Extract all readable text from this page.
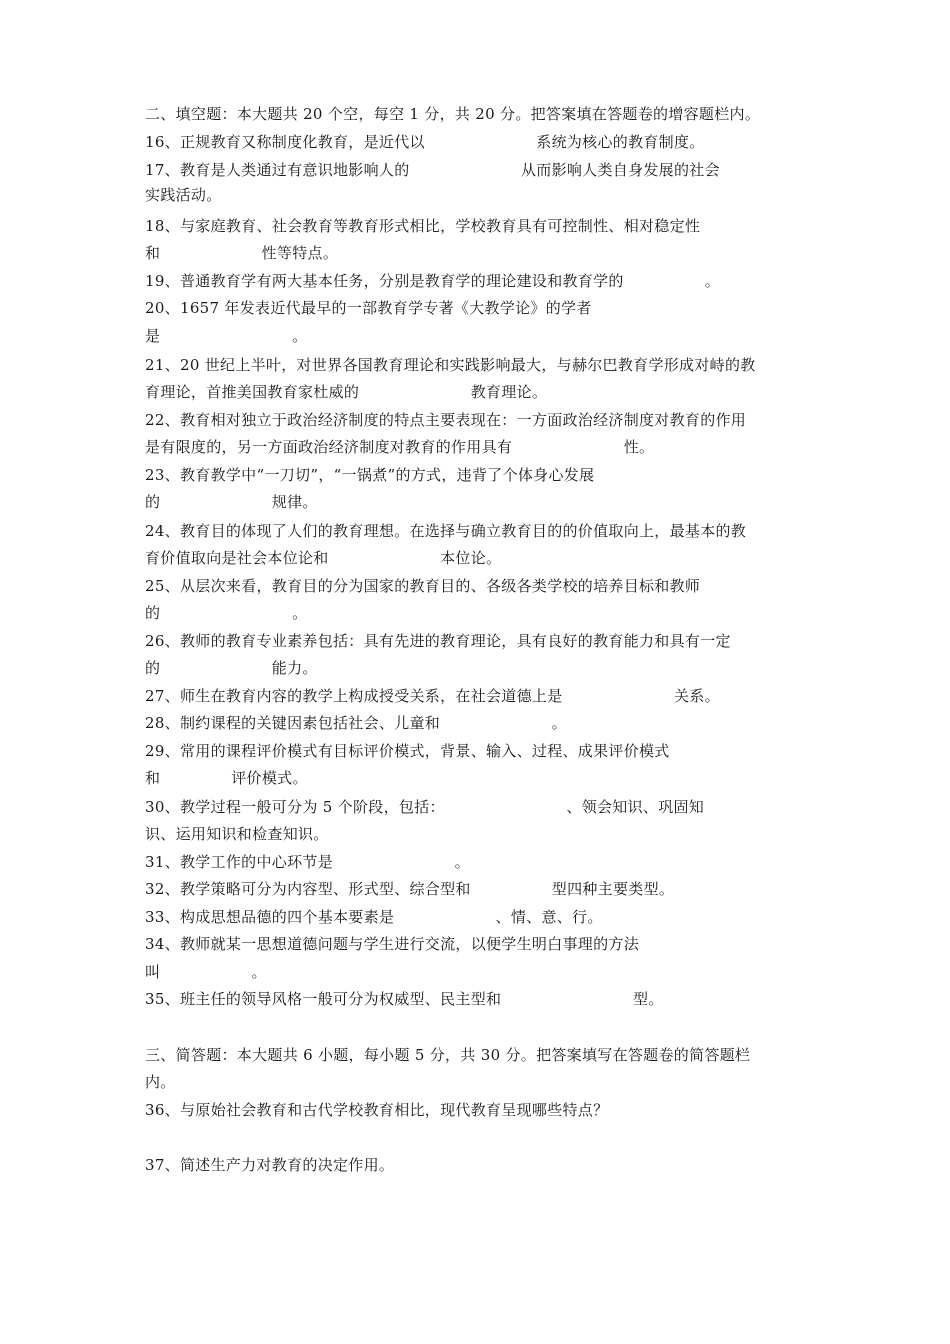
二、填空题：本大题共 20 个空，每空 1 分，共 20 分。把答案填在答题卷的增容题栏内。
16、正规教育又称制度化教育，是近代以                      系统为核心的教育制度。
17、教育是人类通过有意识地影响人的                      从而影响人类自身发展的社会
实践活动。
18、与家庭教育、社会教育等教育形式相比，学校教育具有可控制性、相对稳定性
和                    性等特点。
19、普通教育学有两大基本任务，分别是教育学的理论建设和教育学的                。
20、1657 年发表近代最早的一部教育学专著《大教学论》的学者
是                          。
21、20 世纪上半叶，对世界各国教育理论和实践影响最大，与赫尔巴教育学形成对峙的教
育理论，首推美国教育家杜威的                      教育理论。
22、教育相对独立于政治经济制度的特点主要表现在：一方面政治经济制度对教育的作用
是有限度的，另一方面政治经济制度对教育的作用具有                      性。
23、教育教学中“一刀切”，“一锅煮”的方式，违背了个体身心发展
的                      规律。
24、教育目的体现了人们的教育理想。在选择与确立教育目的的价值取向上，最基本的教
育价值取向是社会本位论和                      本位论。
25、从层次来看，教育目的分为国家的教育目的、各级各类学校的培养目标和教师
的                          。
26、教师的教育专业素养包括：具有先进的教育理论，具有良好的教育能力和具有一定
的                      能力。
27、师生在教育内容的教学上构成授受关系，在社会道德上是                      关系。
28、制约课程的关键因素包括社会、儿童和                      。
29、常用的课程评价模式有目标评价模式，背景、输入、过程、成果评价模式
和              评价模式。
30、教学过程一般可分为 5 个阶段，包括：                        、领会知识、巩固知
识、运用知识和检查知识。
31、教学工作的中心环节是                        。
32、教学策略可分为内容型、形式型、综合型和                型四种主要类型。
33、构成思想品德的四个基本要素是                    、情、意、行。
34、教师就某一思想道德问题与学生进行交流，以便学生明白事理的方法
叫                  。
35、班主任的领导风格一般可分为权威型、民主型和                          型。
三、简答题：本大题共 6 小题，每小题 5 分，共 30 分。把答案填写在答题卷的简答题栏
内。
36、与原始社会教育和古代学校教育相比，现代教育呈现哪些特点？
37、简述生产力对教育的决定作用。
